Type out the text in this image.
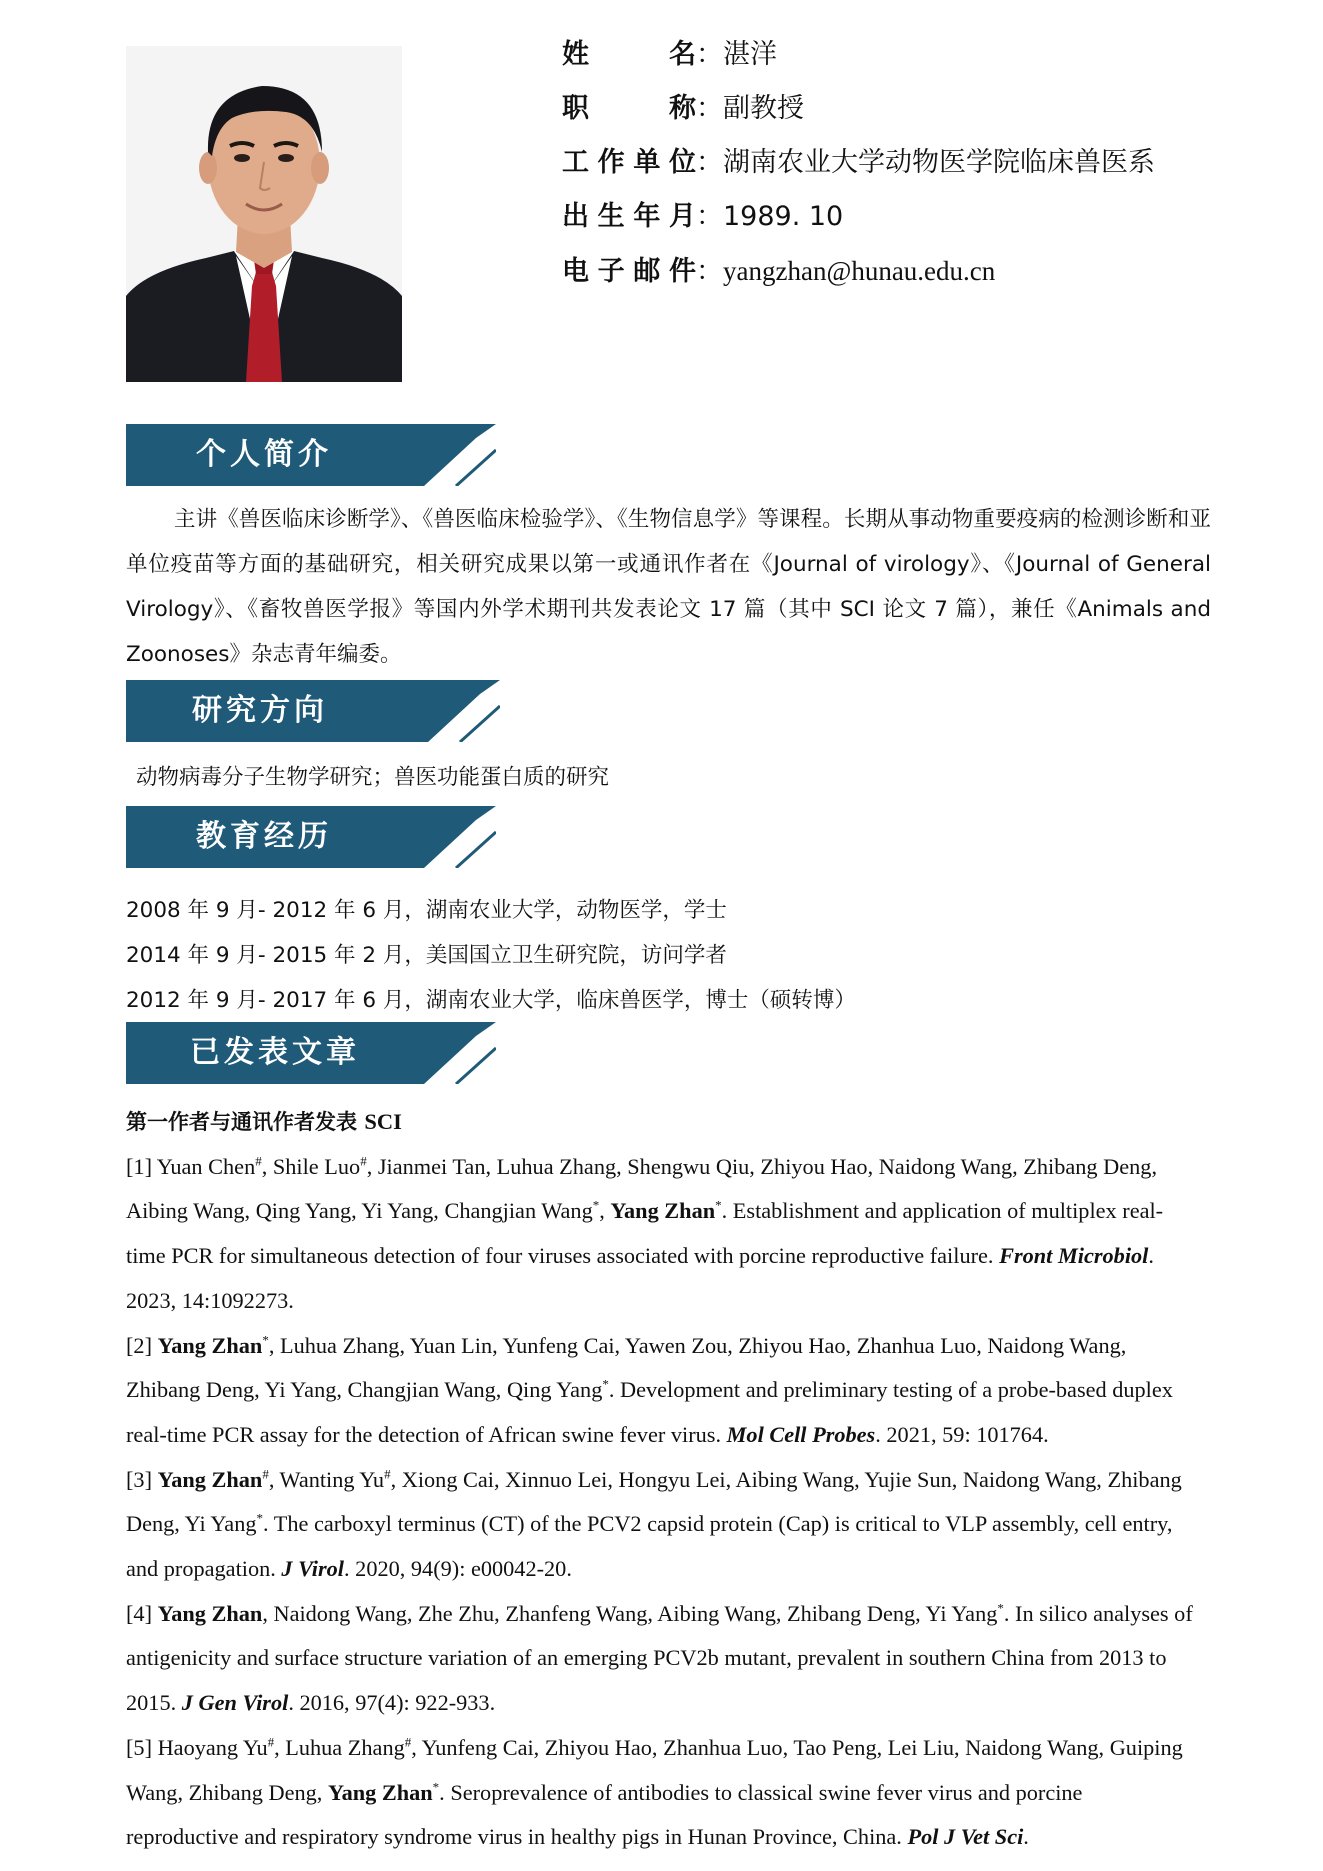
姓名：湛洋
职称：副教授
工作单位：湖南农业大学动物医学院临床兽医系
出生年月：1989. 10
电子邮件：yangzhan@hunau.edu.cn
个人简介

主讲《兽医临床诊断学》、《兽医临床检验学》、《生物信息学》等课程。长期从事动物重要疫病的检测诊断和亚单位疫苗等方面的基础研究，相关研究成果以第一或通讯作者在《Journal of virology》、《Journal of General Virology》、《畜牧兽医学报》等国内外学术期刊共发表论文 17 篇（其中 SCI 论文 7 篇），兼任《Animals and Zoonoses》杂志青年编委。

研究方向
动物病毒分子生物学研究；兽医功能蛋白质的研究
教育经历
2008 年 9 月- 2012 年 6 月，湖南农业大学，动物医学，学士
2014 年 9 月- 2015 年 2 月，美国国立卫生研究院，访问学者
2012 年 9 月- 2017 年 6 月，湖南农业大学，临床兽医学，博士（硕转博）
已发表文章

第一作者与通讯作者发表 SCI

[1] Yuan Chen#, Shile Luo#, Jianmei Tan, Luhua Zhang, Shengwu Qiu, Zhiyou Hao, Naidong Wang, Zhibang Deng, Aibing Wang, Qing Yang, Yi Yang, Changjian Wang*, Yang Zhan*. Establishment and application of multiplex real-time PCR for simultaneous detection of four viruses associated with porcine reproductive failure. Front Microbiol. 2023, 14:1092273.

[2] Yang Zhan*, Luhua Zhang, Yuan Lin, Yunfeng Cai, Yawen Zou, Zhiyou Hao, Zhanhua Luo, Naidong Wang, Zhibang Deng, Yi Yang, Changjian Wang, Qing Yang*. Development and preliminary testing of a probe-based duplex real-time PCR assay for the detection of African swine fever virus. Mol Cell Probes. 2021, 59: 101764.

[3] Yang Zhan#, Wanting Yu#, Xiong Cai, Xinnuo Lei, Hongyu Lei, Aibing Wang, Yujie Sun, Naidong Wang, Zhibang Deng, Yi Yang*. The carboxyl terminus (CT) of the PCV2 capsid protein (Cap) is critical to VLP assembly, cell entry, and propagation. J Virol. 2020, 94(9): e00042-20.

[4] Yang Zhan, Naidong Wang, Zhe Zhu, Zhanfeng Wang, Aibing Wang, Zhibang Deng, Yi Yang*. In silico analyses of antigenicity and surface structure variation of an emerging PCV2b mutant, prevalent in southern China from 2013 to 2015. J Gen Virol. 2016, 97(4): 922-933.

[5] Haoyang Yu#, Luhua Zhang#, Yunfeng Cai, Zhiyou Hao, Zhanhua Luo, Tao Peng, Lei Liu, Naidong Wang, Guiping Wang, Zhibang Deng, Yang Zhan*. Seroprevalence of antibodies to classical swine fever virus and porcine reproductive and respiratory syndrome virus in healthy pigs in Hunan Province, China. Pol J Vet Sci.
